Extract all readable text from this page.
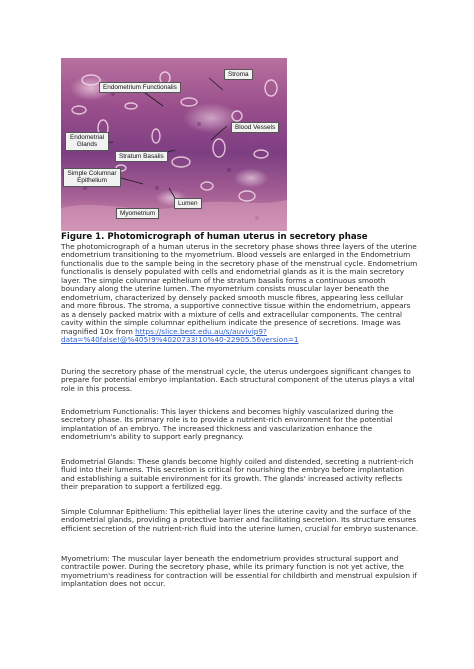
Endometrium Functionalis
Stroma
Endometrial Glands
Blood Vessels
Stratum Basalis
Simple Columnar Epithelium
Lumen
Myometrium
Figure 1. Photomicrograph of human uterus in secretory phase

The photomicrograph of a human uterus in the secretory phase shows three layers of the uterine endometrium transitioning to the myometrium. Blood vessels are enlarged in the Endometrium functionalis due to the sample being in the secretory phase of the menstrual cycle. Endometrium functionalis is densely populated with cells and endometrial glands as it is the main secretory layer. The simple columnar epithelium of the stratum basalis forms a continuous smooth boundary along the uterine lumen. The myometrium consists muscular layer beneath the endometrium, characterized by densely packed smooth muscle fibres, appearing less cellular and more fibrous. The stroma, a supportive connective tissue within the endometrium, appears as a densely packed matrix with a mixture of cells and extracellular components. The central cavity within the simple columnar epithelium indicate the presence of secretions. Image was magnified 10x from https://slice.best.edu.au/s/auvivip9?data=%40false!@%405!9%4020733!10%40-22905.56version=1

During the secretory phase of the menstrual cycle, the uterus undergoes significant changes to prepare for potential embryo implantation. Each structural component of the uterus plays a vital role in this process.

Endometrium Functionalis: This layer thickens and becomes highly vascularized during the secretory phase. Its primary role is to provide a nutrient-rich environment for the potential implantation of an embryo. The increased thickness and vascularization enhance the endometrium's ability to support early pregnancy.

Endometrial Glands: These glands become highly coiled and distended, secreting a nutrient-rich fluid into their lumens. This secretion is critical for nourishing the embryo before implantation and establishing a suitable environment for its growth. The glands' increased activity reflects their preparation to support a fertilized egg.

Simple Columnar Epithelium: This epithelial layer lines the uterine cavity and the surface of the endometrial glands, providing a protective barrier and facilitating secretion. Its structure ensures efficient secretion of the nutrient-rich fluid into the uterine lumen, crucial for embryo sustenance.

Myometrium: The muscular layer beneath the endometrium provides structural support and contractile power. During the secretory phase, while its primary function is not yet active, the myometrium's readiness for contraction will be essential for childbirth and menstrual expulsion if implantation does not occur.
